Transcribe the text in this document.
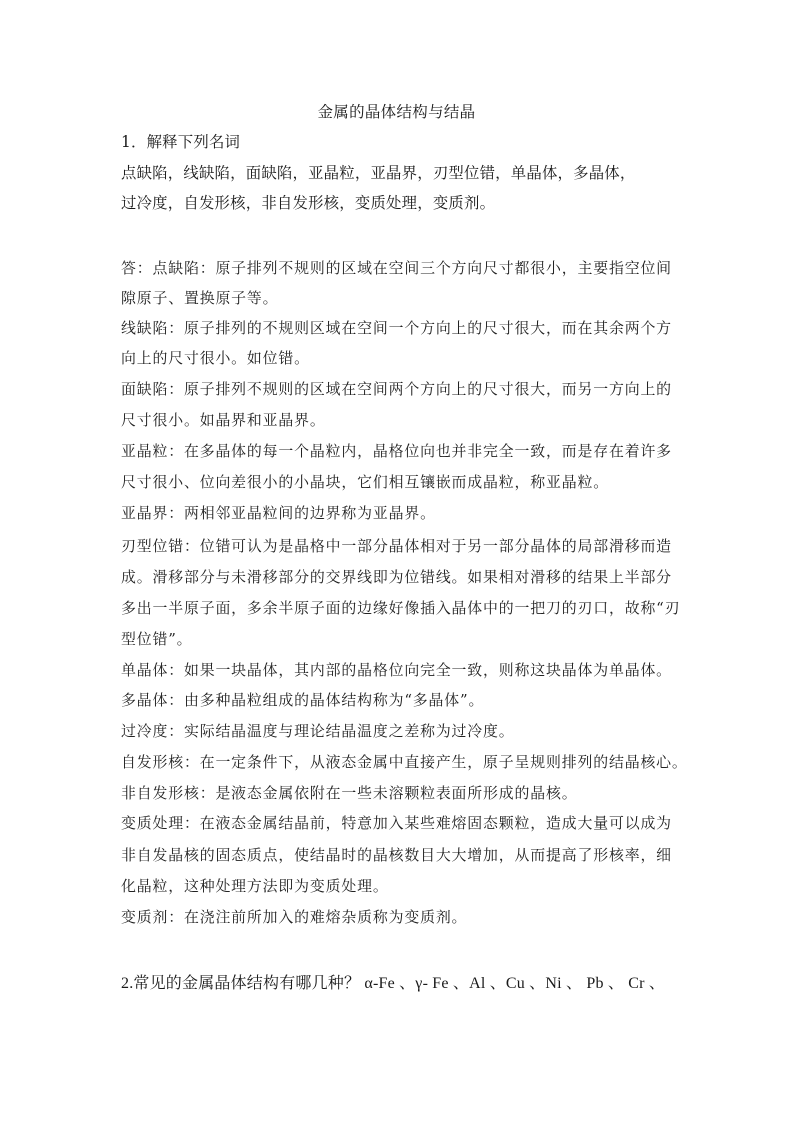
金属的晶体结构与结晶
1．解释下列名词
点缺陷，线缺陷，面缺陷，亚晶粒，亚晶界，刃型位错，单晶体，多晶体，
过冷度，自发形核，非自发形核，变质处理，变质剂。
答：点缺陷：原子排列不规则的区域在空间三个方向尺寸都很小，主要指空位间
隙原子、置换原子等。
线缺陷：原子排列的不规则区域在空间一个方向上的尺寸很大，而在其余两个方
向上的尺寸很小。如位错。
面缺陷：原子排列不规则的区域在空间两个方向上的尺寸很大，而另一方向上的
尺寸很小。如晶界和亚晶界。
亚晶粒：在多晶体的每一个晶粒内，晶格位向也并非完全一致，而是存在着许多
尺寸很小、位向差很小的小晶块，它们相互镶嵌而成晶粒，称亚晶粒。
亚晶界：两相邻亚晶粒间的边界称为亚晶界。
刃型位错：位错可认为是晶格中一部分晶体相对于另一部分晶体的局部滑移而造
成。滑移部分与未滑移部分的交界线即为位错线。如果相对滑移的结果上半部分
多出一半原子面，多余半原子面的边缘好像插入晶体中的一把刀的刃口，故称“刃
型位错”。
单晶体：如果一块晶体，其内部的晶格位向完全一致，则称这块晶体为单晶体。
多晶体：由多种晶粒组成的晶体结构称为“多晶体”。
过冷度：实际结晶温度与理论结晶温度之差称为过冷度。
自发形核：在一定条件下，从液态金属中直接产生，原子呈规则排列的结晶核心。
非自发形核：是液态金属依附在一些未溶颗粒表面所形成的晶核。
变质处理：在液态金属结晶前，特意加入某些难熔固态颗粒，造成大量可以成为
非自发晶核的固态质点，使结晶时的晶核数目大大增加，从而提高了形核率，细
化晶粒，这种处理方法即为变质处理。
变质剂：在浇注前所加入的难熔杂质称为变质剂。
2.常见的金属晶体结构有哪几种？ α-Fe 、γ- Fe 、Al 、Cu 、Ni 、 Pb 、 Cr 、
